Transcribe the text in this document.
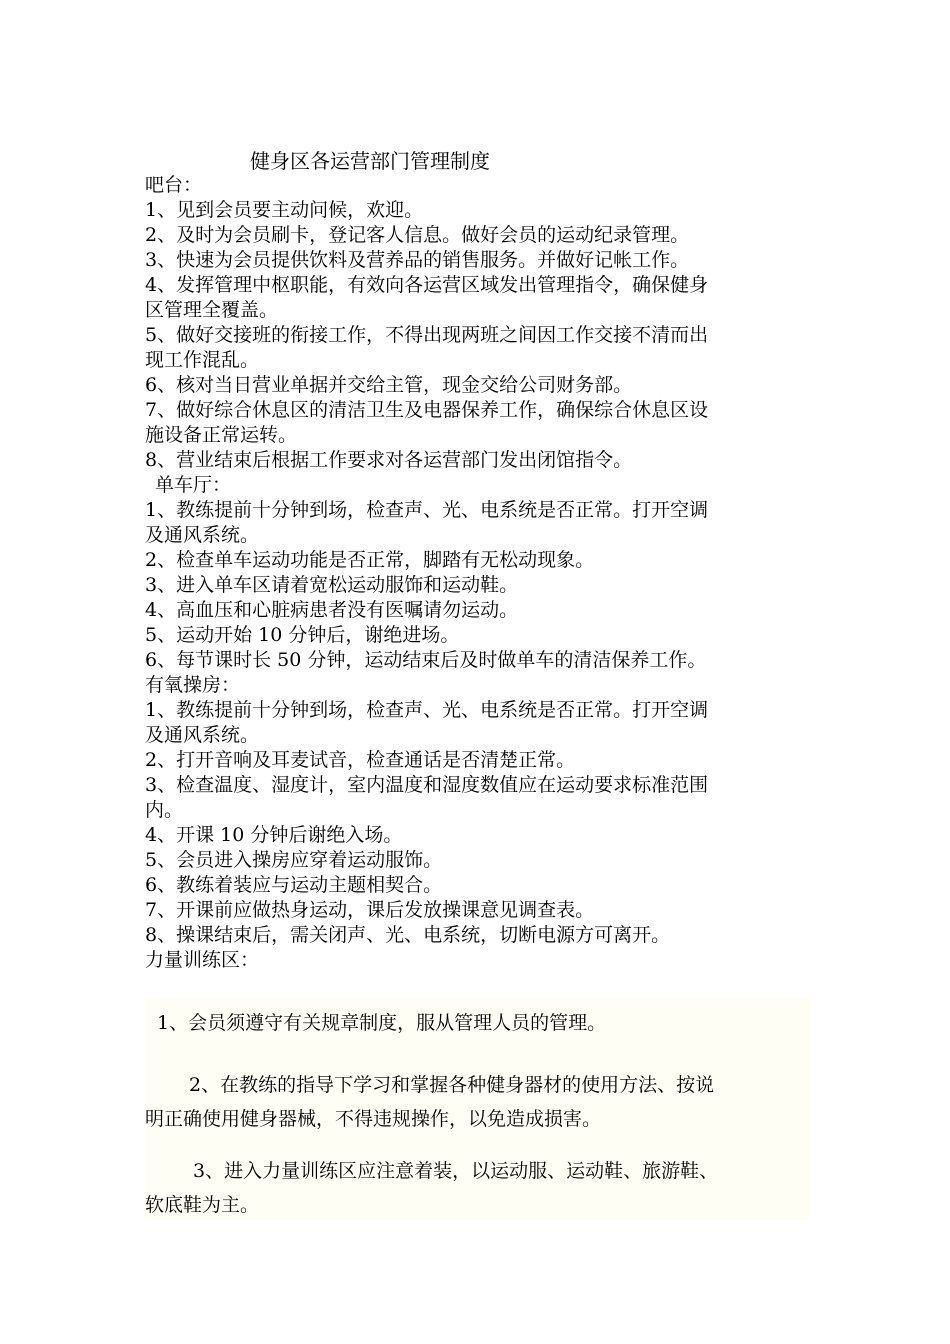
健身区各运营部门管理制度
吧台：
1、见到会员要主动问候，欢迎。
2、及时为会员刷卡，登记客人信息。做好会员的运动纪录管理。
3、快速为会员提供饮料及营养品的销售服务。并做好记帐工作。
4、发挥管理中枢职能，有效向各运营区域发出管理指令，确保健身
区管理全覆盖。
5、做好交接班的衔接工作，不得出现两班之间因工作交接不清而出
现工作混乱。
6、核对当日营业单据并交给主管，现金交给公司财务部。
7、做好综合休息区的清洁卫生及电器保养工作，确保综合休息区设
施设备正常运转。
8、营业结束后根据工作要求对各运营部门发出闭馆指令。
单车厅：
1、教练提前十分钟到场，检查声、光、电系统是否正常。打开空调
及通风系统。
2、检查单车运动功能是否正常，脚踏有无松动现象。
3、进入单车区请着宽松运动服饰和运动鞋。
4、高血压和心脏病患者没有医嘱请勿运动。
5、运动开始 10 分钟后，谢绝进场。
6、每节课时长 50 分钟，运动结束后及时做单车的清洁保养工作。
有氧操房：
1、教练提前十分钟到场，检查声、光、电系统是否正常。打开空调
及通风系统。
2、打开音响及耳麦试音，检查通话是否清楚正常。
3、检查温度、湿度计，室内温度和湿度数值应在运动要求标准范围
内。
4、开课 10 分钟后谢绝入场。
5、会员进入操房应穿着运动服饰。
6、教练着装应与运动主题相契合。
7、开课前应做热身运动，课后发放操课意见调查表。
8、操课结束后，需关闭声、光、电系统，切断电源方可离开。
力量训练区：
1、会员须遵守有关规章制度，服从管理人员的管理。
2、在教练的指导下学习和掌握各种健身器材的使用方法、按说
明正确使用健身器械，不得违规操作，以免造成损害。
3、进入力量训练区应注意着装，以运动服、运动鞋、旅游鞋、
软底鞋为主。
